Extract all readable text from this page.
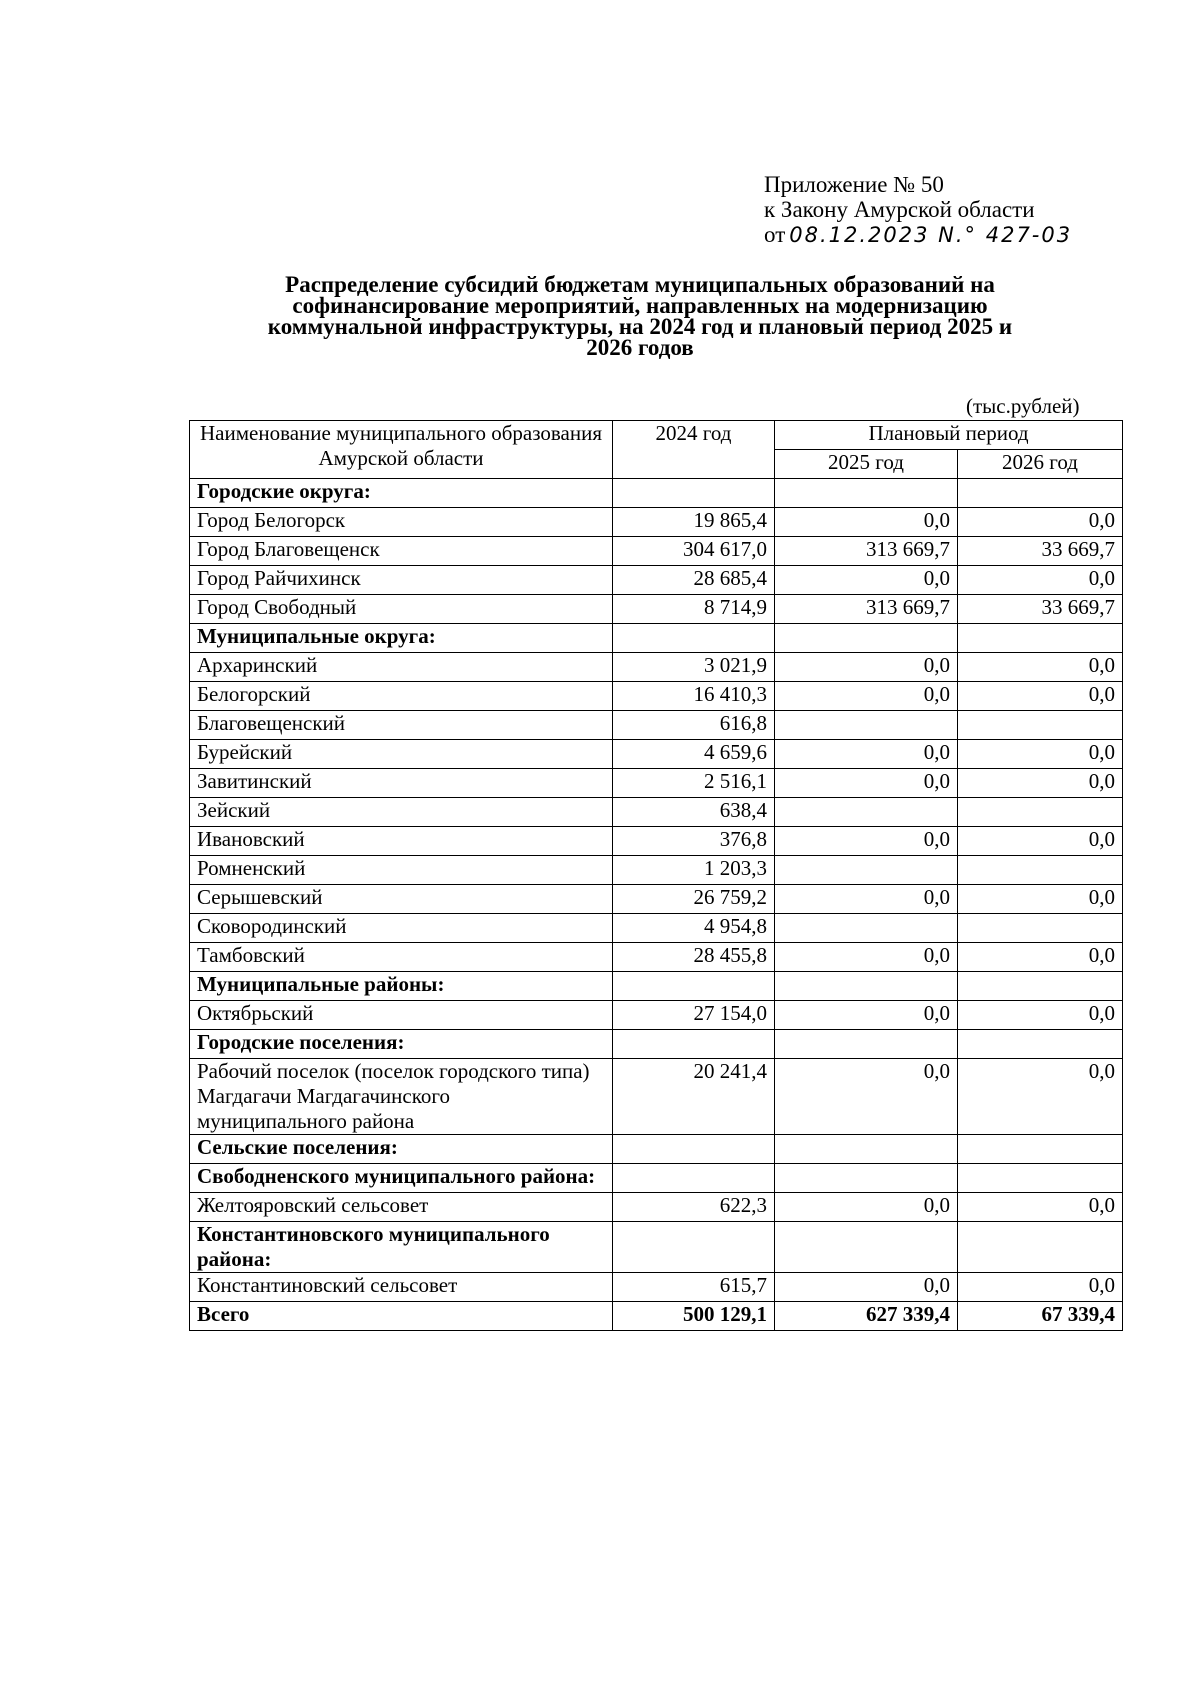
Приложение № 50
к Закону Амурской области
от 08.12.2023 N.° 427-03
Распределение субсидий бюджетам муниципальных образований на
софинансирование мероприятий, направленных на модернизацию
коммунальной инфраструктуры, на 2024 год и плановый период 2025 и
2026 годов
(тыс.рублей)
Наименование муниципального образования Амурской области	2024 год	Плановый период	
		2025 год	2026 год
Городские округа:			
Город Белогорск	19 865,4	0,0	0,0
Город Благовещенск	304 617,0	313 669,7	33 669,7
Город Райчихинск	28 685,4	0,0	0,0
Город Свободный	8 714,9	313 669,7	33 669,7
Муниципальные округа:			
Архаринский	3 021,9	0,0	0,0
Белогорский	16 410,3	0,0	0,0
Благовещенский	616,8		
Бурейский	4 659,6	0,0	0,0
Завитинский	2 516,1	0,0	0,0
Зейский	638,4		
Ивановский	376,8	0,0	0,0
Ромненский	1 203,3		
Серышевский	26 759,2	0,0	0,0
Сковородинский	4 954,8		
Тамбовский	28 455,8	0,0	0,0
Муниципальные районы:			
Октябрьский	27 154,0	0,0	0,0
Городские поселения:			
Рабочий поселок (поселок городского типа) Магдагачи Магдагачинского муниципального района	20 241,4	0,0	0,0
Сельские поселения:			
Свободненского муниципального района:			
Желтояровский сельсовет	622,3	0,0	0,0
Константиновского муниципального района:			
Константиновский сельсовет	615,7	0,0	0,0
Всего	500 129,1	627 339,4	67 339,4
